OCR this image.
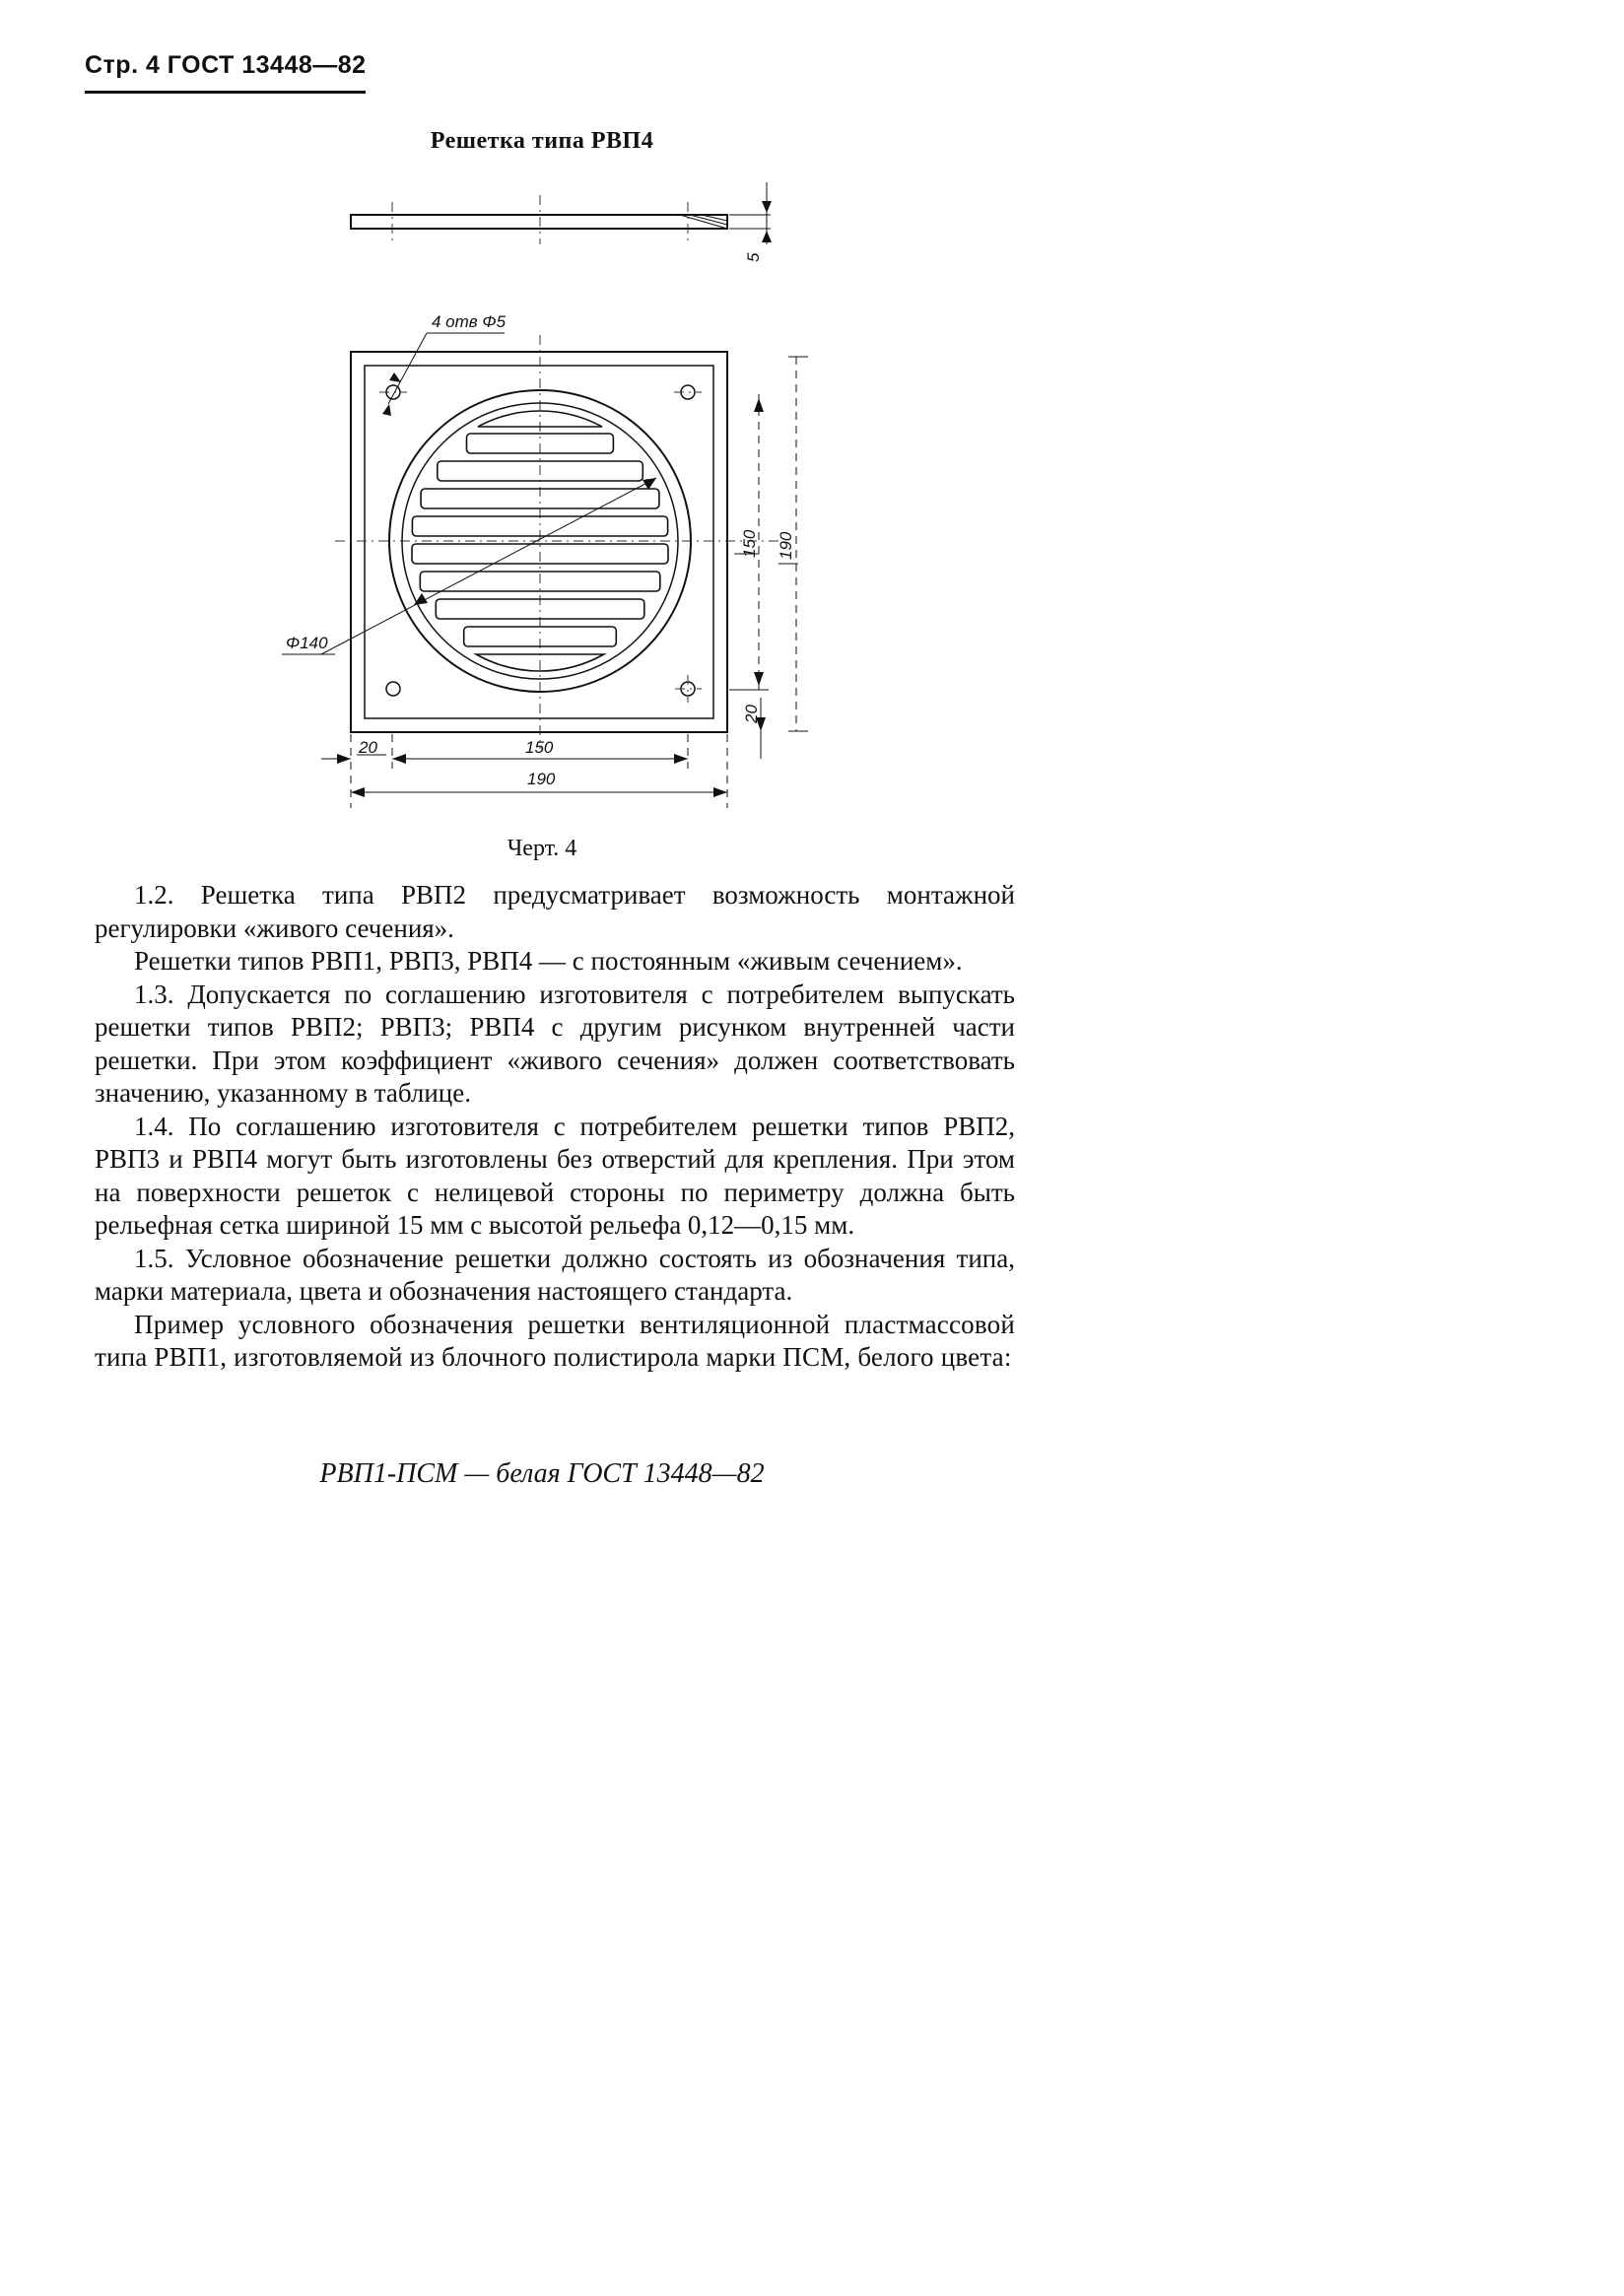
Стр. 4 ГОСТ 13448—82
Решетка типа РВП4
5
4 отв Φ5
Φ140
150 190
20
20	150
190
Черт. 4

1.2. Решетка типа РВП2 предусматривает возможность монтажной регулировки «живого сечения».

Решетки типов РВП1, РВП3, РВП4 — с постоянным «живым сечением».

1.3. Допускается по соглашению изготовителя с потребителем выпускать решетки типов РВП2; РВП3; РВП4 с другим рисунком внутренней части решетки. При этом коэффициент «живого сечения» должен соответствовать значению, указанному в таблице.

1.4. По соглашению изготовителя с потребителем решетки типов РВП2, РВП3 и РВП4 могут быть изготовлены без отверстий для крепления. При этом на поверхности решеток с нелицевой стороны по периметру должна быть рельефная сетка шириной 15 мм с высотой рельефа 0,12—0,15 мм.

1.5. Условное обозначение решетки должно состоять из обозначения типа, марки материала, цвета и обозначения настоящего стандарта.

Пример условного обозначения решетки вентиляционной пластмассовой типа РВП1, изготовляемой из блочного полистирола марки ПСМ, белого цвета:

РВП1-ПСМ — белая ГОСТ 13448—82
